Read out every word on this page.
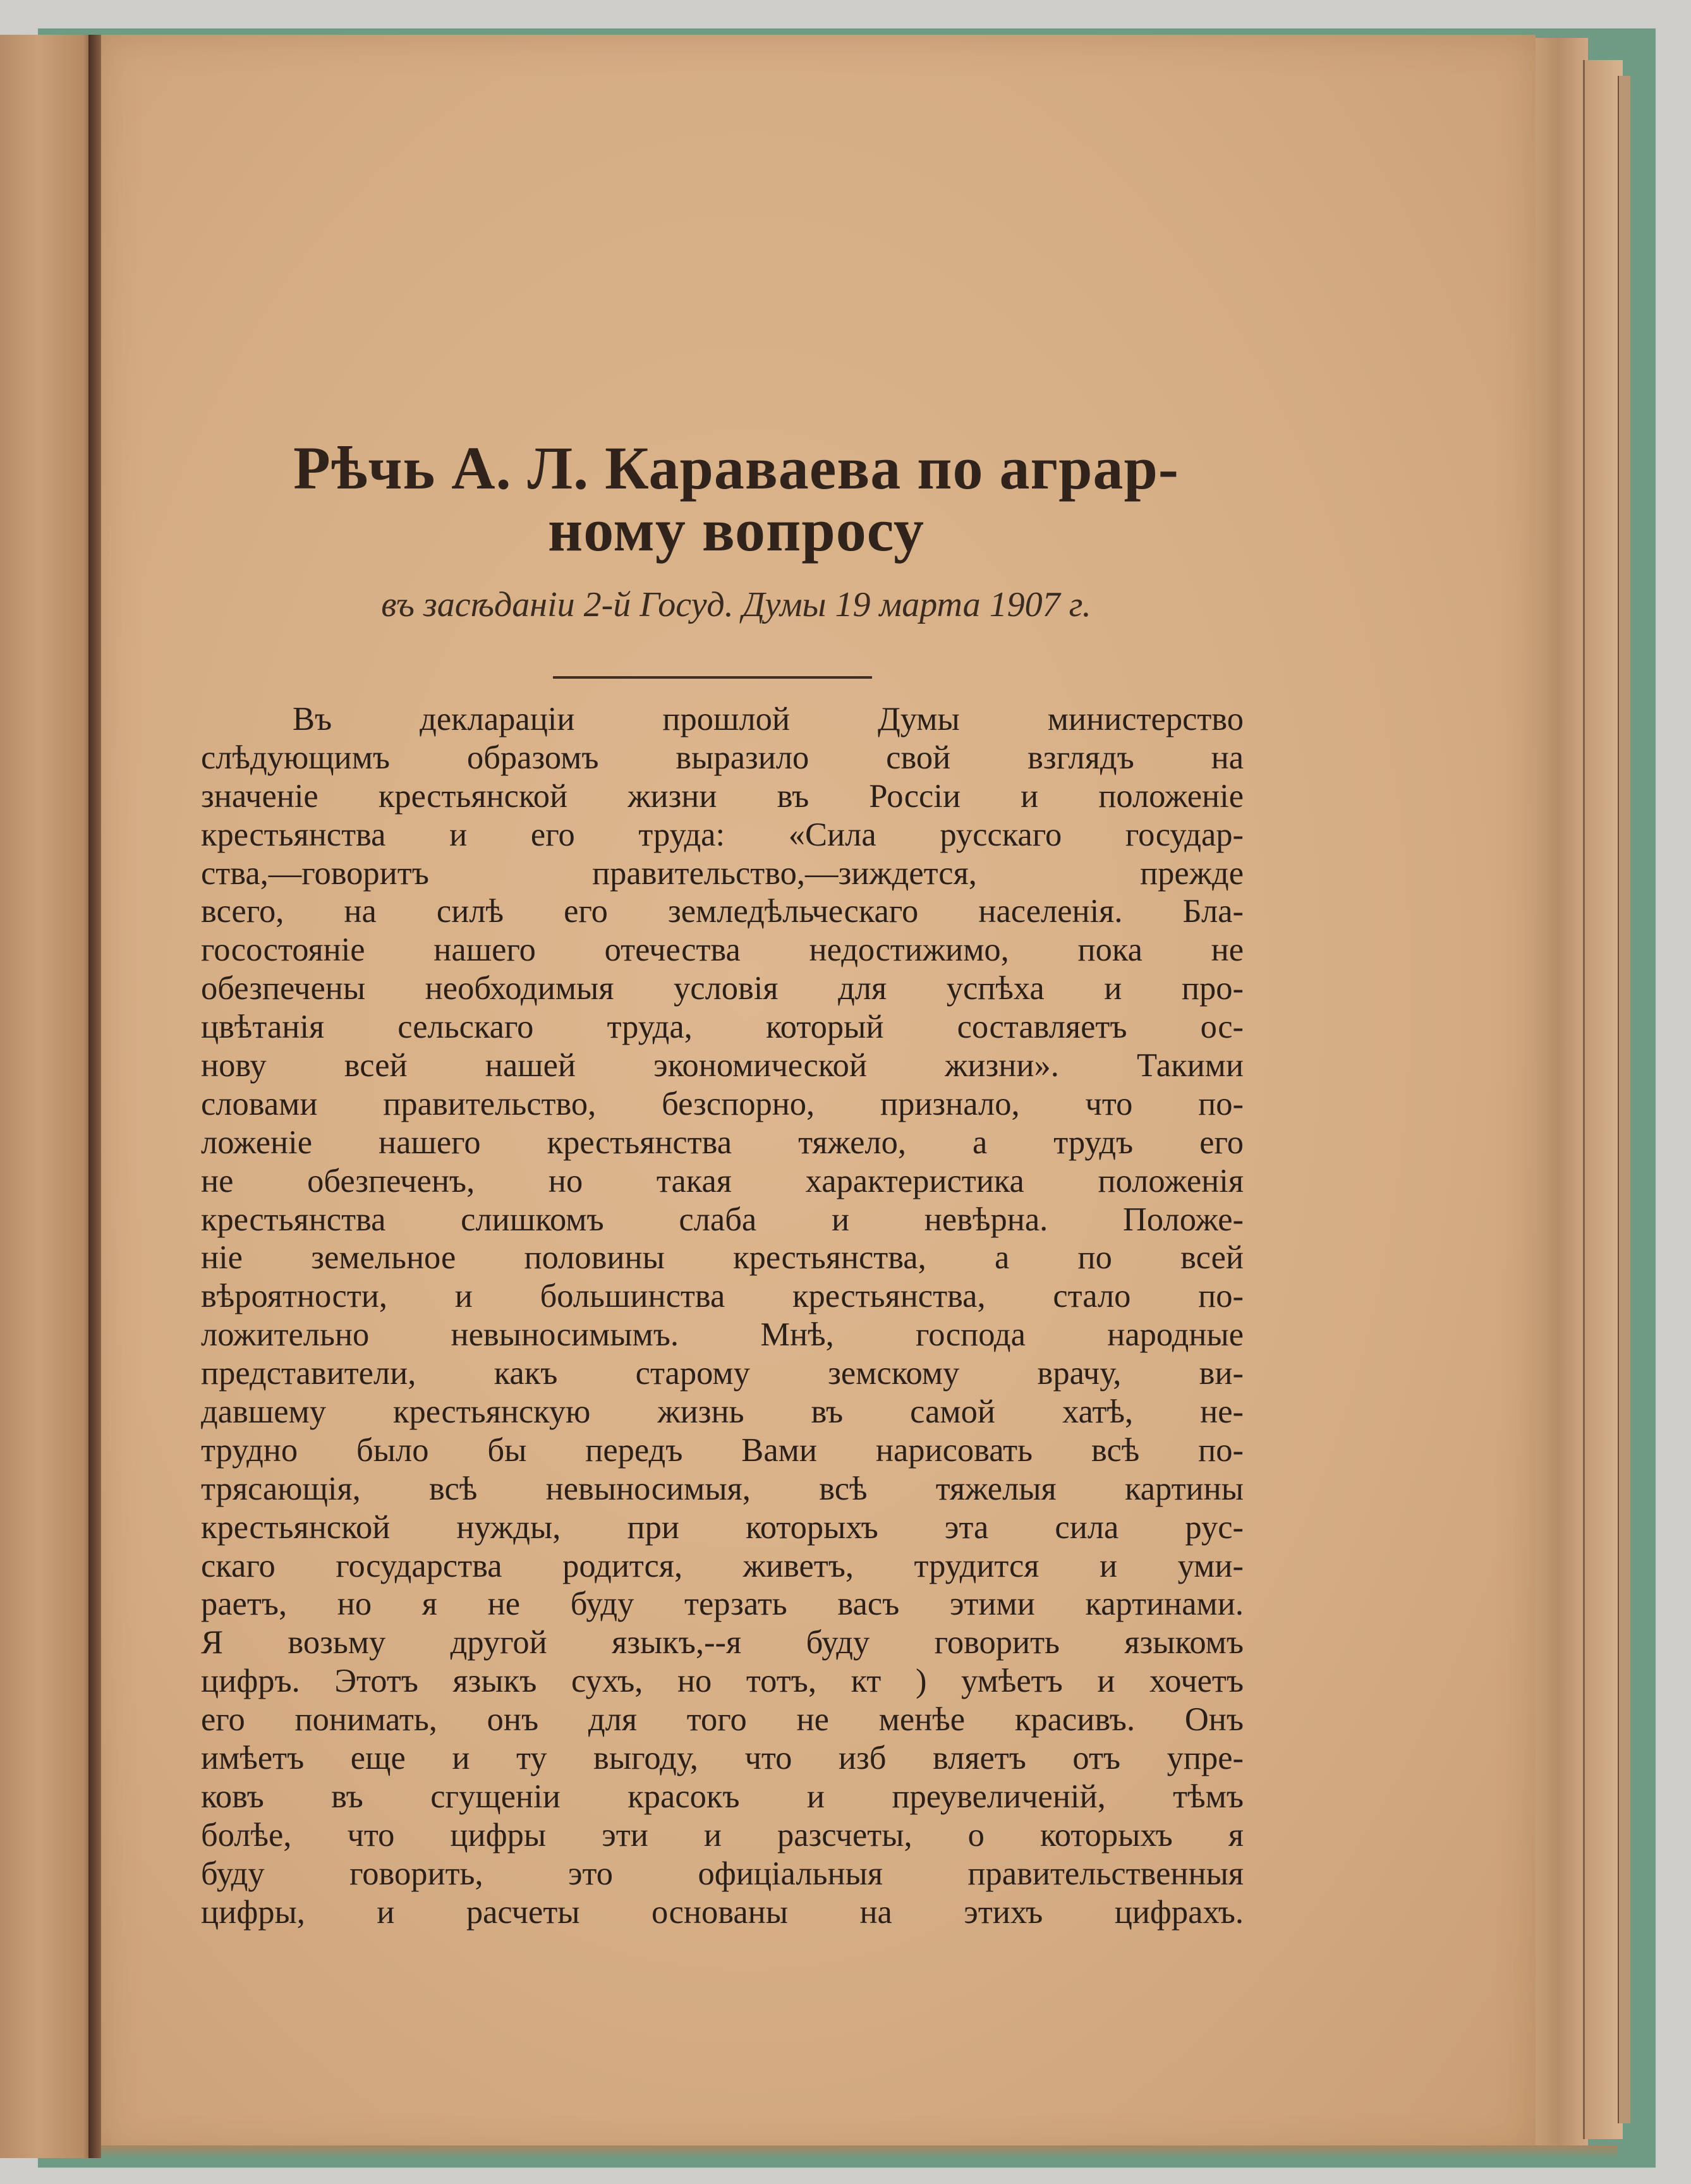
Рѣчь А. Л. Караваева по аграр-
ному вопросу
въ засѣданіи 2-й Госуд. Думы 19 марта 1907 г.
Въ деклараціи прошлой Думы министерство
слѣдующимъ образомъ выразило свой взглядъ на
значеніе крестьянской жизни въ Россіи и положеніе
крестьянства и его труда: «Сила русскаго государ-
ства,—говоритъ правительство,—зиждется, прежде
всего, на силѣ его земледѣльческаго населенія. Бла-
госостояніе нашего отечества недостижимо, пока не
обезпечены необходимыя условія для успѣха и про-
цвѣтанія сельскаго труда, который составляетъ ос-
нову всей нашей экономической жизни». Такими
словами правительство, безспорно, признало, что по-
ложеніе нашего крестьянства тяжело, а трудъ его
не обезпеченъ, но такая характеристика положенія
крестьянства слишкомъ слаба и невѣрна. Положе-
ніе земельное половины крестьянства, а по всей
вѣроятности, и большинства крестьянства, стало по-
ложительно невыносимымъ. Мнѣ, господа народные
представители, какъ старому земскому врачу, ви-
давшему крестьянскую жизнь въ самой хатѣ, не-
трудно было бы передъ Вами нарисовать всѣ по-
трясающія, всѣ невыносимыя, всѣ тяжелыя картины
крестьянской нужды, при которыхъ эта сила рус-
скаго государства родится, живетъ, трудится и уми-
раетъ, но я не буду терзать васъ этими картинами.
Я возьму другой языкъ,--я буду говорить языкомъ
цифръ. Этотъ языкъ сухъ, но тотъ, кт ) умѣетъ и хочетъ
его понимать, онъ для того не менѣе красивъ. Онъ
имѣетъ еще и ту выгоду, что изб вляетъ отъ упре-
ковъ въ сгущеніи красокъ и преувеличеній, тѣмъ
болѣе, что цифры эти и разсчеты, о которыхъ я
буду говорить, это офиціальныя правительственныя
цифры, и расчеты основаны на этихъ цифрахъ.
